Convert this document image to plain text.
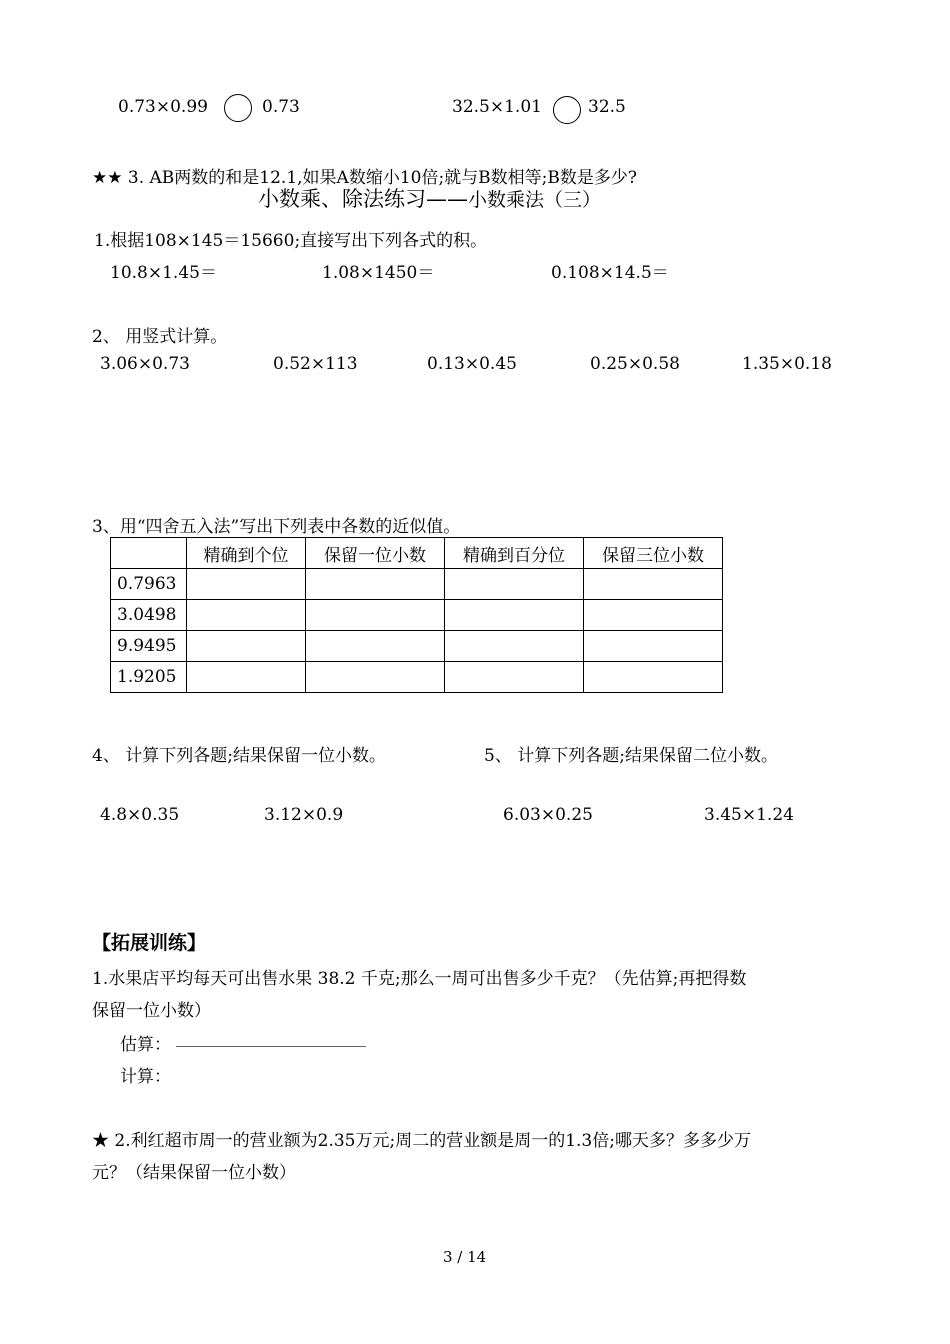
0.73×0.99	0.73	32.5×1.01	32.5
★★ 3. AB两数的和是12.1,如果A数缩小10倍;就与B数相等;B数是多少?
小数乘、除法练习——小数乘法（三）
1.根据108×145＝15660;直接写出下列各式的积。
10.8×1.45＝	1.08×1450＝	0.108×14.5＝
2、 用竖式计算。
3.06×0.73	0.52×113	0.13×0.45	0.25×0.58	1.35×0.18
3、用“四舍五入法”写出下列表中各数的近似值。
	精确到个位	保留一位小数	精确到百分位	保留三位小数
0.7963				
3.0498				
9.9495				
1.9205				
4、 计算下列各题;结果保留一位小数。	5、 计算下列各题;结果保留二位小数。
4.8×0.35	3.12×0.9	6.03×0.25	3.45×1.24
【拓展训练】
1.水果店平均每天可出售水果 38.2 千克;那么一周可出售多少千克？（先估算;再把得数
保留一位小数）
估算：
计算：
★ 2.利红超市周一的营业额为2.35万元;周二的营业额是周一的1.3倍;哪天多？多多少万
元？（结果保留一位小数）
3 / 14
